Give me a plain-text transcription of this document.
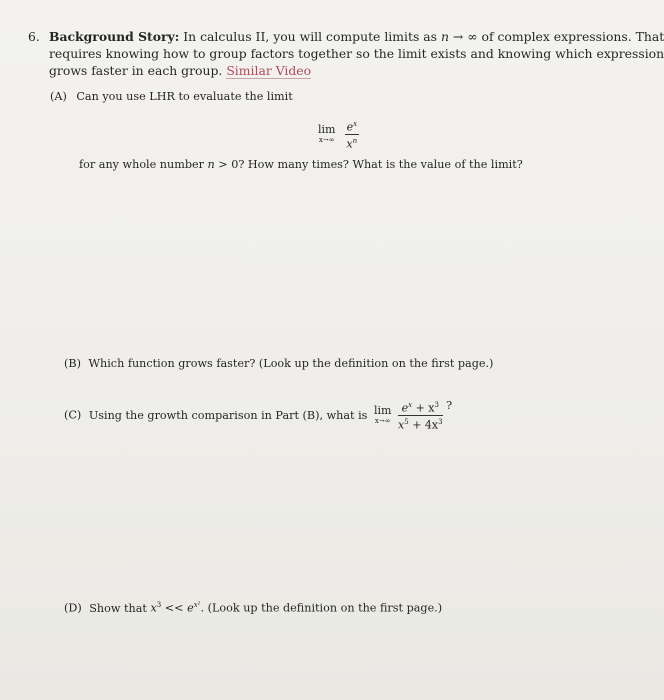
6. Background Story: In calculus II, you will compute limits as n → ∞ of complex expressions. That
requires knowing how to group factors together so the limit exists and knowing which expression
grows faster in each group. Similar Video
(A) Can you use LHR to evaluate the limit
lim
x→∞
$\frac{e^x}{x^n}$
for any whole number n > 0? How many times? What is the value of the limit?
(B) Which function grows faster? (Look up the definition on the first page.)
(C) Using the growth comparison in Part (B), what is lim
x→∞
$\frac{e^x + x^3}{x^5 + 4x^3}$ ?
(D) Show that $x^3 << e^{x^2}$. (Look up the definition on the first page.)
